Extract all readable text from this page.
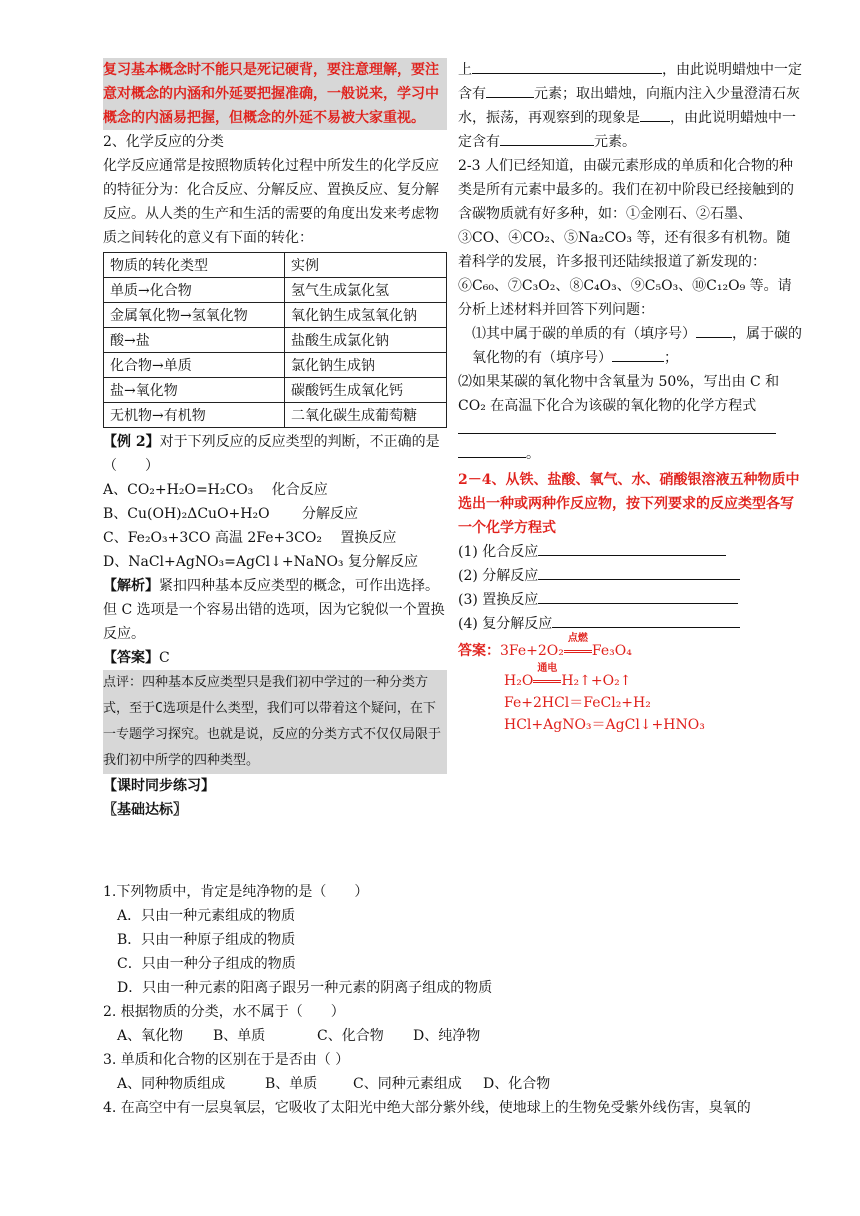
复习基本概念时不能只是死记硬背，要注意理解，要注意对概念的内涵和外延要把握准确，一般说来，学习中概念的内涵易把握，但概念的外延不易被大家重视。

2、化学反应的分类

化学反应通常是按照物质转化过程中所发生的化学反应的特征分为：化合反应、分解反应、置换反应、复分解反应。从人类的生产和生活的需要的角度出发来考虑物质之间转化的意义有下面的转化：

物质的转化类型	实例
单质→化合物	氢气生成氯化氢
金属氧化物→氢氧化物	氧化钠生成氢氧化钠
酸→盐	盐酸生成氯化钠
化合物→单质	氯化钠生成钠
盐→氧化物	碳酸钙生成氧化钙
无机物→有机物	二氧化碳生成葡萄糖

【例 2】对于下列反应的反应类型的判断，不正确的是（　　）

A、CO₂+H₂O=H₂CO₃　 化合反应

B、Cu(OH)₂ΔCuO+H₂O　　 分解反应

C、Fe₂O₃+3CO 高温 2Fe+3CO₂　 置换反应

D、NaCl+AgNO₃=AgCl↓+NaNO₃ 复分解反应

【解析】紧扣四种基本反应类型的概念，可作出选择。但 C 选项是一个容易出错的选项，因为它貌似一个置换反应。

【答案】C

点评：四种基本反应类型只是我们初中学过的一种分类方式，至于C选项是什么类型，我们可以带着这个疑问，在下一专题学习探究。也就是说，反应的分类方式不仅仅局限于我们初中所学的四种类型。

【课时同步练习】

〖基础达标〗

上	，由此说明蜡烛中一定含有	元素；取出蜡烛，向瓶内注入少量澄清石灰水，振荡，再观察到的现象是 ，由此说明蜡烛中一定含有	元素。

2-3 人们已经知道，由碳元素形成的单质和化合物的种类是所有元素中最多的。我们在初中阶段已经接触到的含碳物质就有好多种，如：①金刚石、②石墨、③CO、④CO₂、⑤Na₂CO₃ 等，还有很多有机物。随着科学的发展，许多报刊还陆续报道了新发现的：⑥C₆₀、⑦C₃O₂、⑧C₄O₃、⑨C₅O₃、⑩C₁₂O₉ 等。请分析上述材料并回答下列问题：

⑴其中属于碳的单质的有（填序号）	，属于碳的氧化物的有（填序号）	；

⑵如果某碳的氧化物中含氧量为 50%，写出由 C 和 CO₂ 在高温下化合为该碳的氧化物的化学方程式
。

2－4、从铁、盐酸、氧气、水、硝酸银溶液五种物质中选出一种或两种作反应物，按下列要求的反应类型各写一个化学方程式

(1) 化合反应

(2) 分解反应

(3) 置换反应

(4) 复分解反应

答案：3Fe+2O₂
点燃
Fe₃O₄

H₂O
通电
H₂↑+O₂↑

Fe+2HCl＝FeCl₂+H₂

HCl+AgNO₃＝AgCl↓+HNO₃

1.下列物质中，肯定是纯净物的是（　　）

A．只由一种元素组成的物质

B．只由一种原子组成的物质

C．只由一种分子组成的物质

D．只由一种元素的阳离子跟另一种元素的阴离子组成的物质

2. 根据物质的分类，水不属于（　　）

A、氧化物 B、单质	C、化合物 D、纯净物

3. 单质和化合物的区别在于是否由（ ）

A、同种物质组成	B、单质	C、同种元素组成 D、化合物

4. 在高空中有一层臭氧层，它吸收了太阳光中绝大部分紫外线，使地球上的生物免受紫外线伤害，臭氧的
